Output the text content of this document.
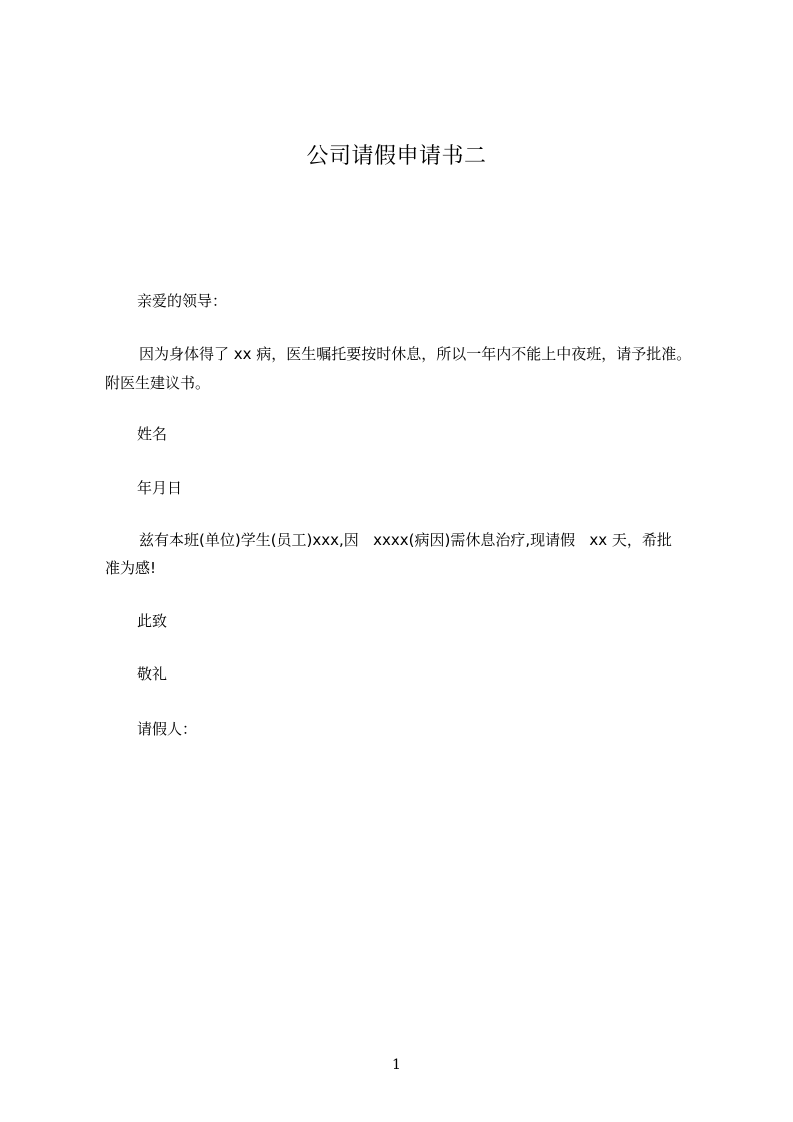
公司请假申请书二
亲爱的领导：
因为身体得了 xx 病，医生嘱托要按时休息，所以一年内不能上中夜班，请予批准。
附医生建议书。
姓名
年月日
兹有本班(单位)学生(员工)xxx,因   xxxx(病因)需休息治疗,现请假   xx 天，希批
准为感!
此致
敬礼
请假人：
1
